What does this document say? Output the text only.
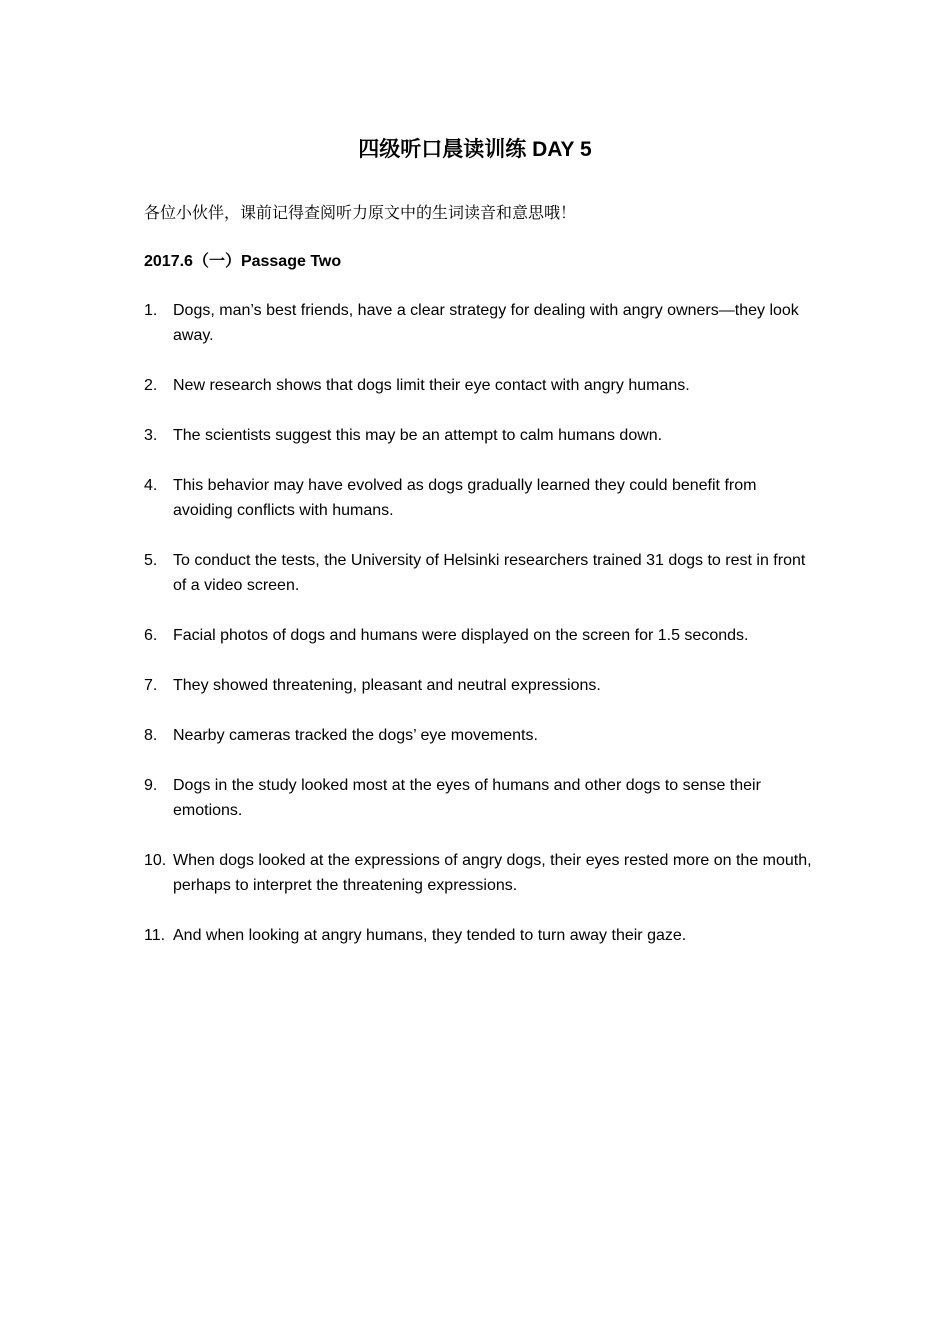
四级听口晨读训练 DAY 5
各位小伙伴，课前记得查阅听力原文中的生词读音和意思哦！
2017.6（一）Passage Two
1. Dogs, man’s best friends, have a clear strategy for dealing with angry owners—they look away.
2. New research shows that dogs limit their eye contact with angry humans.
3. The scientists suggest this may be an attempt to calm humans down.
4. This behavior may have evolved as dogs gradually learned they could benefit from avoiding conflicts with humans.
5. To conduct the tests, the University of Helsinki researchers trained 31 dogs to rest in front of a video screen.
6. Facial photos of dogs and humans were displayed on the screen for 1.5 seconds.
7. They showed threatening, pleasant and neutral expressions.
8. Nearby cameras tracked the dogs’ eye movements.
9. Dogs in the study looked most at the eyes of humans and other dogs to sense their emotions.
10. When dogs looked at the expressions of angry dogs, their eyes rested more on the mouth, perhaps to interpret the threatening expressions.
11. And when looking at angry humans, they tended to turn away their gaze.
